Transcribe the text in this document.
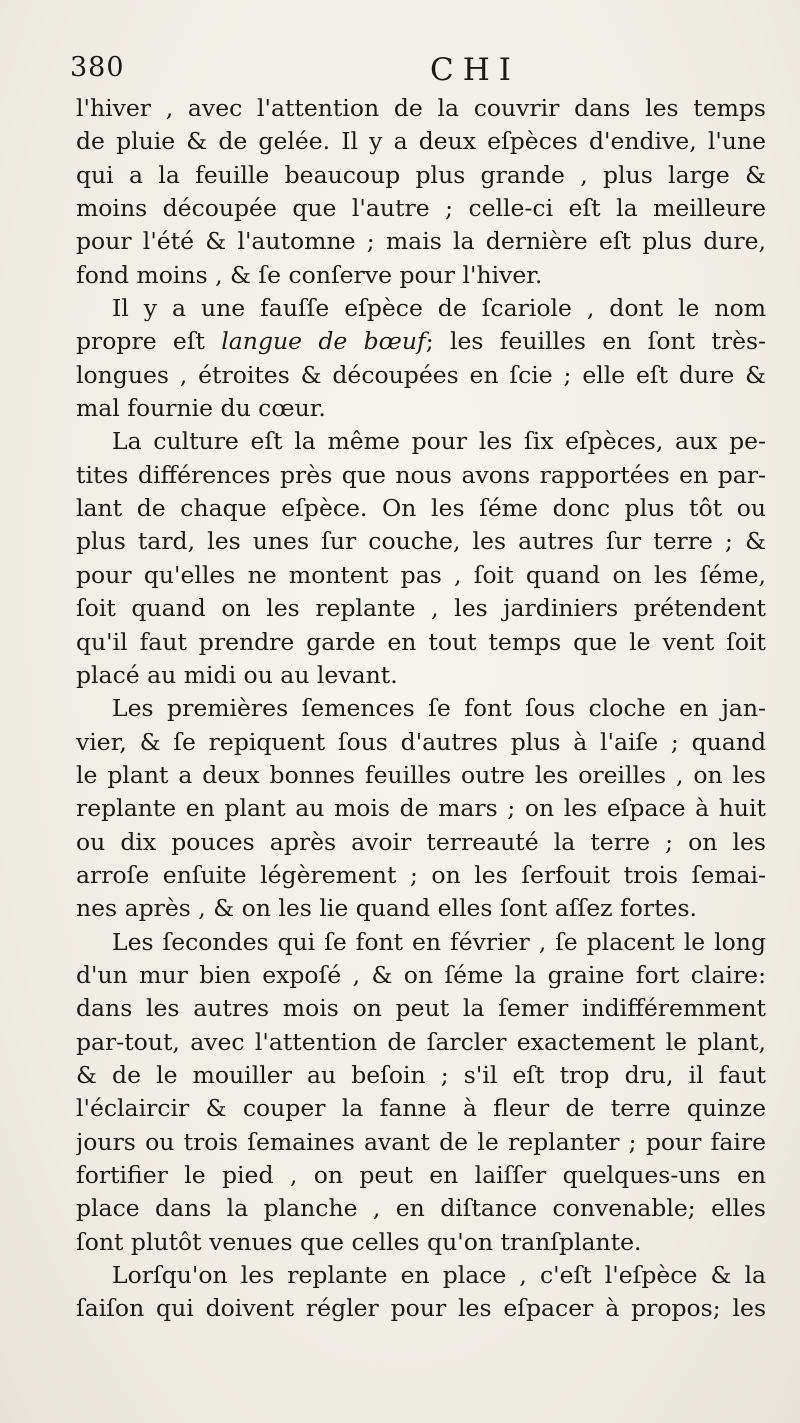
380	CHI
l'hiver , avec l'attention de la couvrir dans les temps
de pluie & de gelée. Il y a deux eſpèces d'endive, l'une
qui a la feuille beaucoup plus grande , plus large &
moins découpée que l'autre ; celle-ci eſt la meilleure
pour l'été & l'automne ; mais la dernière eſt plus dure,
fond moins , & ſe conſerve pour l'hiver.
Il y a une fauſſe eſpèce de ſcariole , dont le nom
propre eſt langue de bœuf; les feuilles en ſont très-
longues , étroites & découpées en ſcie ; elle eſt dure &
mal fournie du cœur.
La culture eſt la même pour les ſix eſpèces, aux pe-
tites différences près que nous avons rapportées en par-
lant de chaque eſpèce. On les ſéme donc plus tôt ou
plus tard, les unes ſur couche, les autres ſur terre ; &
pour qu'elles ne montent pas , ſoit quand on les ſéme,
ſoit quand on les replante , les jardiniers prétendent
qu'il faut prendre garde en tout temps que le vent ſoit
placé au midi ou au levant.
Les premières ſemences ſe font ſous cloche en jan-
vier, & ſe repiquent ſous d'autres plus à l'aiſe ; quand
le plant a deux bonnes feuilles outre les oreilles , on les
replante en plant au mois de mars ; on les eſpace à huit
ou dix pouces après avoir terreauté la terre ; on les
arroſe enſuite légèrement ; on les ſerfouit trois ſemai-
nes après , & on les lie quand elles ſont aſſez fortes.
Les ſecondes qui ſe font en février , ſe placent le long
d'un mur bien expoſé , & on ſéme la graine fort claire:
dans les autres mois on peut la ſemer indifféremment
par-tout, avec l'attention de ſarcler exactement le plant,
& de le mouiller au beſoin ; s'il eſt trop dru, il faut
l'éclaircir & couper la fanne à fleur de terre quinze
jours ou trois ſemaines avant de le replanter ; pour faire
fortifier le pied , on peut en laiſſer quelques-uns en
place dans la planche , en diſtance convenable; elles
ſont plutôt venues que celles qu'on tranſplante.
Lorſqu'on les replante en place , c'eſt l'eſpèce & la
ſaiſon qui doivent régler pour les eſpacer à propos; les
